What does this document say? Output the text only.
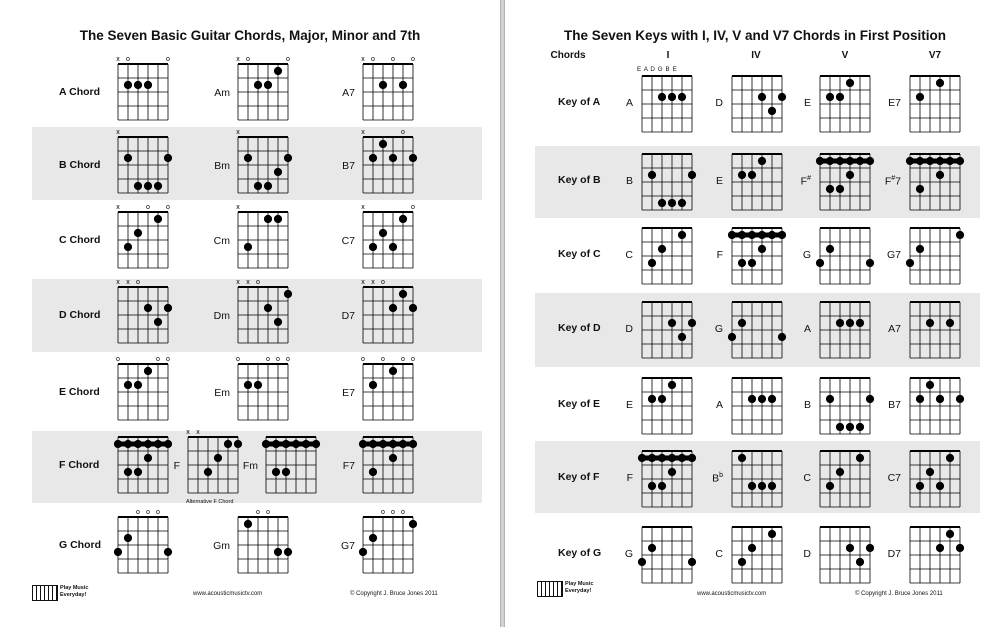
The Seven Basic Guitar Chords, Major, Minor and 7th
A Chord
x o	o	x o	o
Am
x o o o
A7
B Chord
x	x
Bm
x	o
B7
C Chord
x	o o	x
Cm
x	o
C7
D Chord
x x o	x x o
Dm
x x o
D7
E Chord
o	o o	o	o o o
Em
o o o o
E7
F Chord
x x
F
Alternative F Chord
Fm	F7
G Chord
o o o	o o
Gm
o o o
G7
Play Music
Everyday!	www.acousticmusictv.com	© Copyright J. Bruce Jones 2011
The Seven Keys with I, IV, V and V7 Chords in First Position
Chords	I	IV	V	V7
E A D G B E
Key of A A	D	E	E7
Key of B B	E	F#	F#7
Key of C C	F	G	G7
Key of D D	G	A	A7
Key of E E	A	B	B7
Key of F	F	$B^b$	C	C7
Key of G G	C	D	D7
Play Music
Everyday!	www.acousticmusictv.com	© Copyright J. Bruce Jones 2011
